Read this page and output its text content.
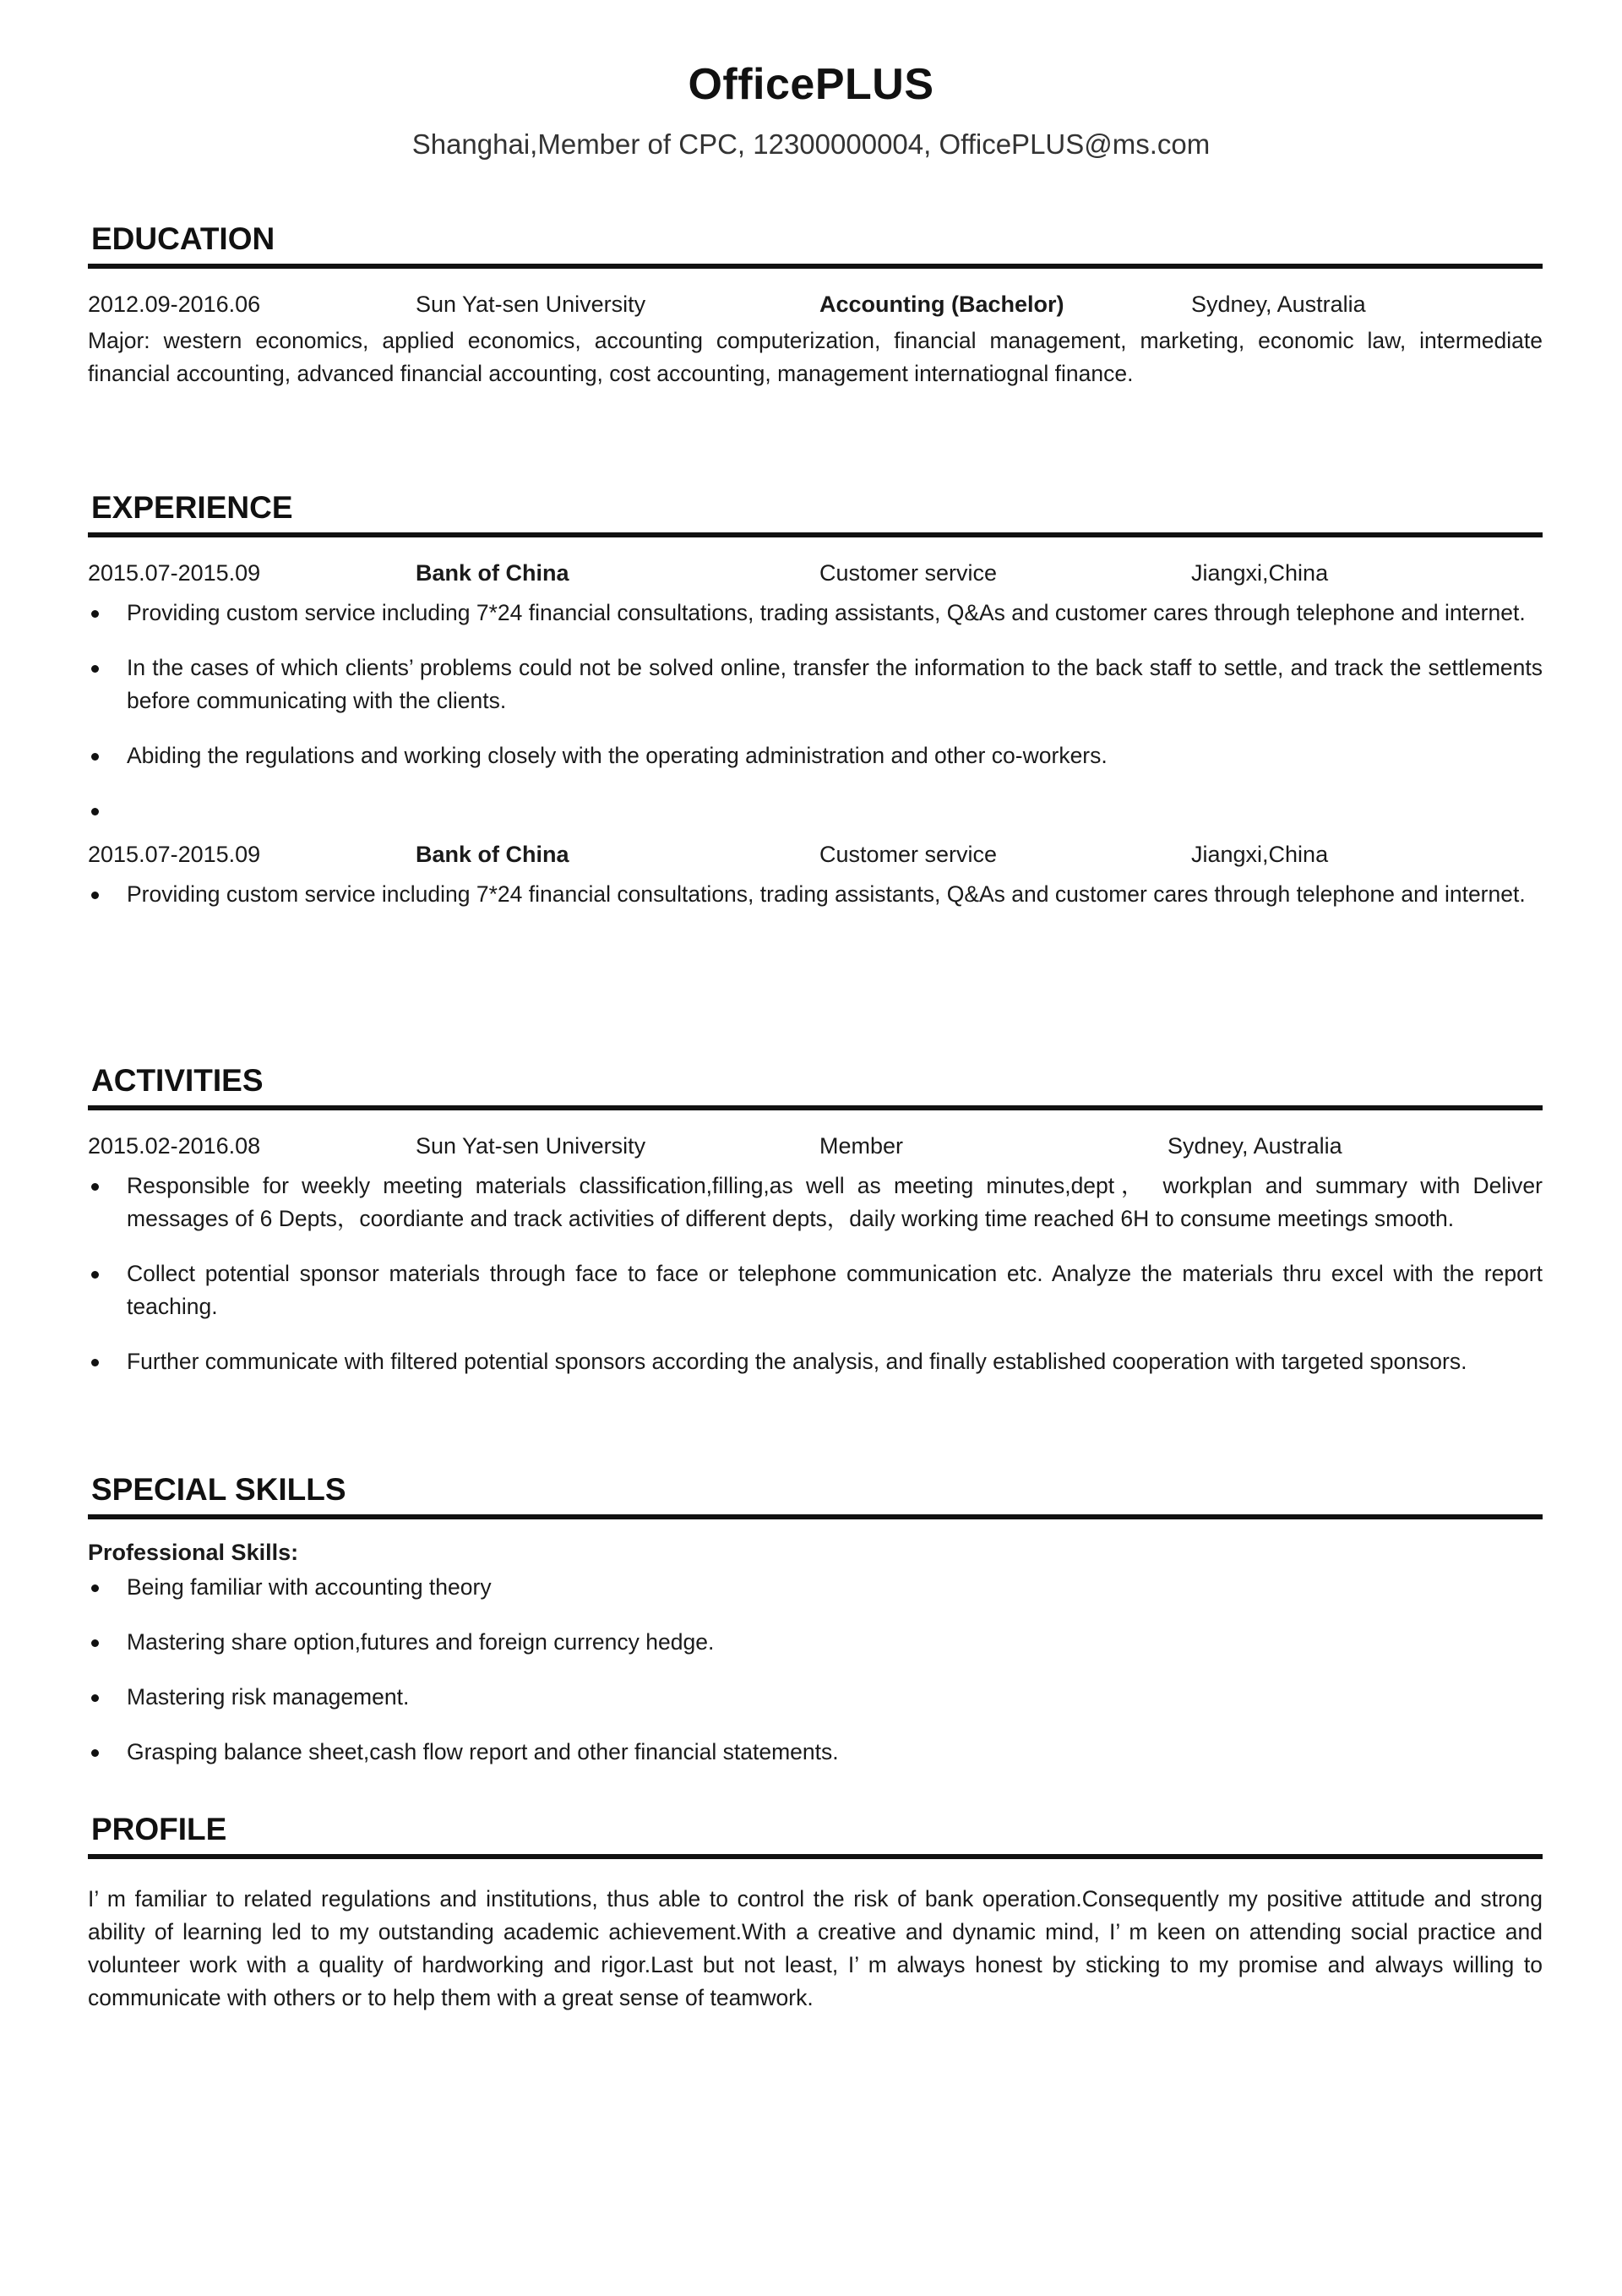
OfficePLUS
Shanghai,Member of CPC, 12300000004, OfficePLUS@ms.com
EDUCATION
2012.09-2016.06	Sun Yat-sen University	Accounting (Bachelor)	Sydney, Australia
Major: western economics, applied economics, accounting computerization, financial management, marketing, economic law, intermediate financial accounting, advanced financial accounting, cost accounting, management internatiognal finance.
EXPERIENCE
2015.07-2015.09	Bank of China	Customer service	Jiangxi,China
Providing custom service including 7*24 financial consultations, trading assistants, Q&As and customer cares through telephone and internet.
In the cases of which clients’ problems could not be solved online, transfer the information to the back staff to settle, and track the settlements before communicating with the clients.
Abiding the regulations and working closely with the operating administration and other co-workers.
2015.07-2015.09	Bank of China	Customer service	Jiangxi,China
Providing custom service including 7*24 financial consultations, trading assistants, Q&As and customer cares through telephone and internet.
ACTIVITIES
2015.02-2016.08	Sun Yat-sen University	Member	Sydney, Australia
Responsible for weekly meeting materials classification,filling,as well as meeting minutes,dept， workplan and summary with Deliver messages of 6 Depts，coordiante and track activities of different depts，daily working time reached 6H to consume meetings smooth.
Collect potential sponsor materials through face to face or telephone communication etc. Analyze the materials thru excel with the report teaching.
Further communicate with filtered potential sponsors according the analysis, and finally established cooperation with targeted sponsors.
SPECIAL SKILLS
Professional Skills:
Being familiar with accounting theory
Mastering share option,futures and foreign currency hedge.
Mastering risk management.
Grasping balance sheet,cash flow report and other financial statements.
PROFILE
I’ m familiar to related regulations and institutions, thus able to control the risk of bank operation.Consequently my positive attitude and strong ability of learning led to my outstanding academic achievement.With a creative and dynamic mind, I’ m keen on attending social practice and volunteer work with a quality of hardworking and rigor.Last but not least, I’ m always honest by sticking to my promise and always willing to communicate with others or to help them with a great sense of teamwork.
